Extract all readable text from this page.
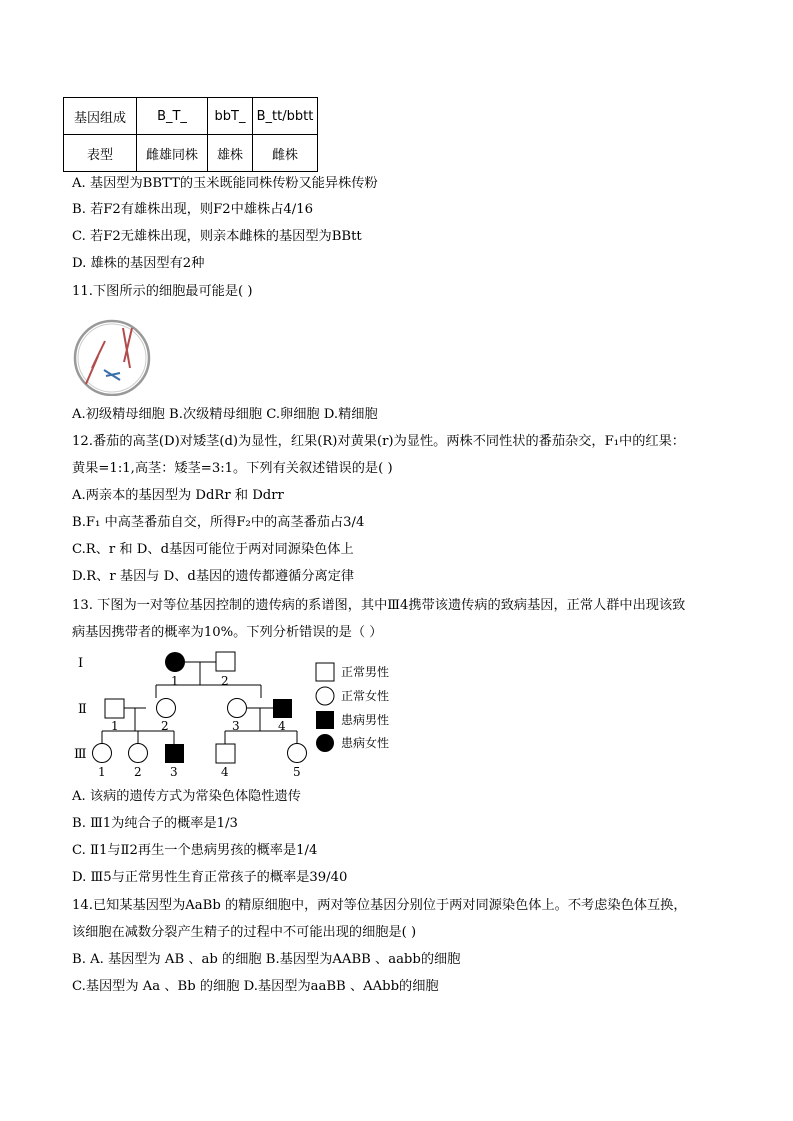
基因组成	B_T_	bbT_	B_tt/bbtt
表型	雌雄同株	雄株	雌株
A. 基因型为BBTT的玉米既能同株传粉又能异株传粉
B. 若F2有雄株出现，则F2中雄株占4/16
C. 若F2无雄株出现，则亲本雌株的基因型为BBtt
D. 雄株的基因型有2种
11.下图所示的细胞最可能是( )
A.初级精母细胞 B.次级精母细胞 C.卵细胞 D.精细胞
12.番茄的高茎(D)对矮茎(d)为显性，红果(R)对黄果(r)为显性。两株不同性状的番茄杂交，F₁中的红果：
黄果=1:1,高茎：矮茎=3:1。下列有关叙述错误的是( )
A.两亲本的基因型为 DdRr 和 Ddrr
B.F₁ 中高茎番茄自交，所得F₂中的高茎番茄占3/4
C.R、r 和 D、d基因可能位于两对同源染色体上
D.R、r 基因与 D、d基因的遗传都遵循分离定律
13. 下图为一对等位基因控制的遗传病的系谱图，其中Ⅲ4携带该遗传病的致病基因，正常人群中出现该致
病基因携带者的概率为10%。下列分析错误的是（ ）
Ⅰ
Ⅱ
Ⅲ
1	2
1	2	3	4
1 2 3	4	5
正常男性
正常女性
患病男性
患病女性
A. 该病的遗传方式为常染色体隐性遗传
B. Ⅲ1为纯合子的概率是1/3
C. Ⅱ1与Ⅱ2再生一个患病男孩的概率是1/4
D. Ⅲ5与正常男性生育正常孩子的概率是39/40
14.已知某基因型为AaBb 的精原细胞中，两对等位基因分别位于两对同源染色体上。不考虑染色体互换，
该细胞在减数分裂产生精子的过程中不可能出现的细胞是( )
B. A. 基因型为 AB 、ab 的细胞 B.基因型为AABB 、aabb的细胞
C.基因型为 Aa 、Bb 的细胞 D.基因型为aaBB 、AAbb的细胞
